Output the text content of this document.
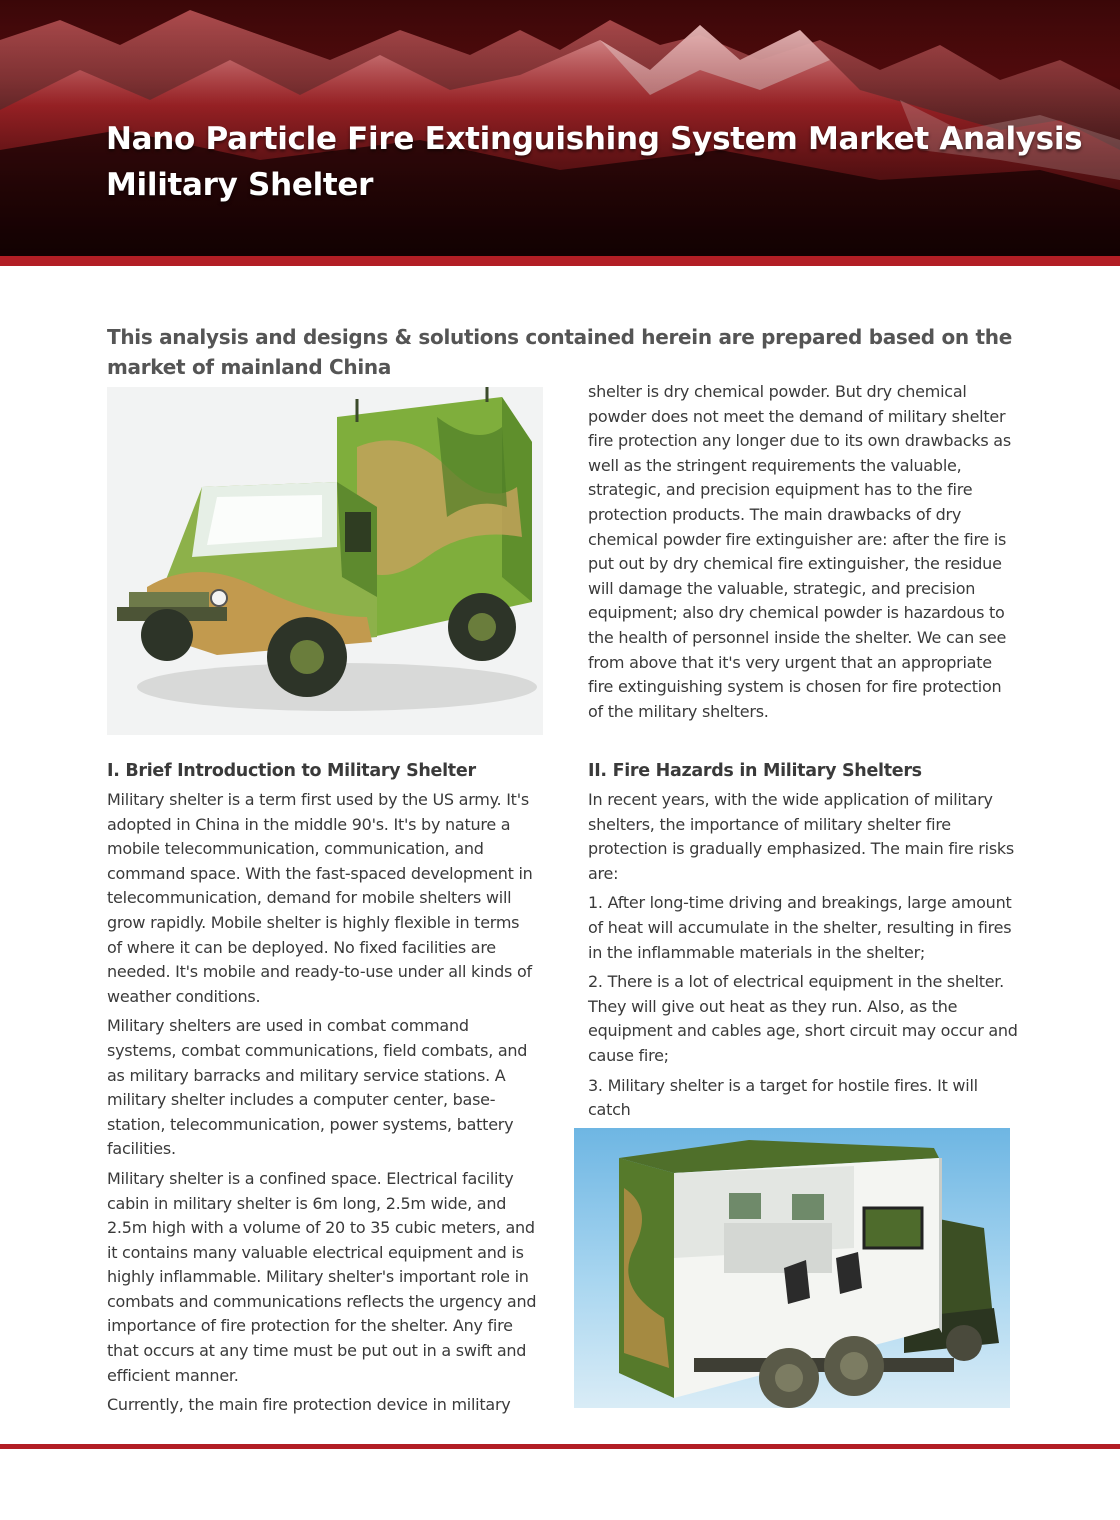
Nano Particle Fire Extinguishing System Market Analysis
Military Shelter

This analysis and designs & solutions contained herein are prepared based on the market of mainland China

I. Brief Introduction to Military Shelter

Military shelter is a term first used by the US army. It's adopted in China in the middle 90's. It's by nature a mobile telecommunication, communication, and command space. With the fast-spaced development in telecommunication, demand for mobile shelters will grow rapidly. Mobile shelter is highly flexible in terms of where it can be deployed. No fixed facilities are needed. It's mobile and ready-to-use under all kinds of weather conditions.

Military shelters are used in combat command systems, combat communications, field combats, and as military barracks and military service stations. A military shelter includes a computer center, base-station, telecommunication, power systems, battery facilities.

Military shelter is a confined space. Electrical facility cabin in military shelter is 6m long, 2.5m wide, and 2.5m high with a volume of 20 to 35 cubic meters, and it contains many valuable electrical equipment and is highly inflammable. Military shelter's important role in combats and communications reflects the urgency and importance of fire protection for the shelter. Any fire that occurs at any time must be put out in a swift and efficient manner.

Currently, the main fire protection device in military

shelter is dry chemical powder. But dry chemical powder does not meet the demand of military shelter fire protection any longer due to its own drawbacks as well as the stringent requirements the valuable, strategic, and precision equipment has to the fire protection products. The main drawbacks of dry chemical powder fire extinguisher are: after the fire is put out by dry chemical fire extinguisher, the residue will damage the valuable, strategic, and precision equipment; also dry chemical powder is hazardous to the health of personnel inside the shelter. We can see from above that it's very urgent that an appropriate fire extinguishing system is chosen for fire protection of the military shelters.

II. Fire Hazards in Military Shelters

In recent years, with the wide application of military shelters, the importance of military shelter fire protection is gradually emphasized. The main fire risks are:

1. After long-time driving and breakings, large amount of heat will accumulate in the shelter, resulting in fires in the inflammable materials in the shelter;

2. There is a lot of electrical equipment in the shelter. They will give out heat as they run. Also, as the equipment and cables age, short circuit may occur and cause fire;

3. Military shelter is a target for hostile fires. It will catch
